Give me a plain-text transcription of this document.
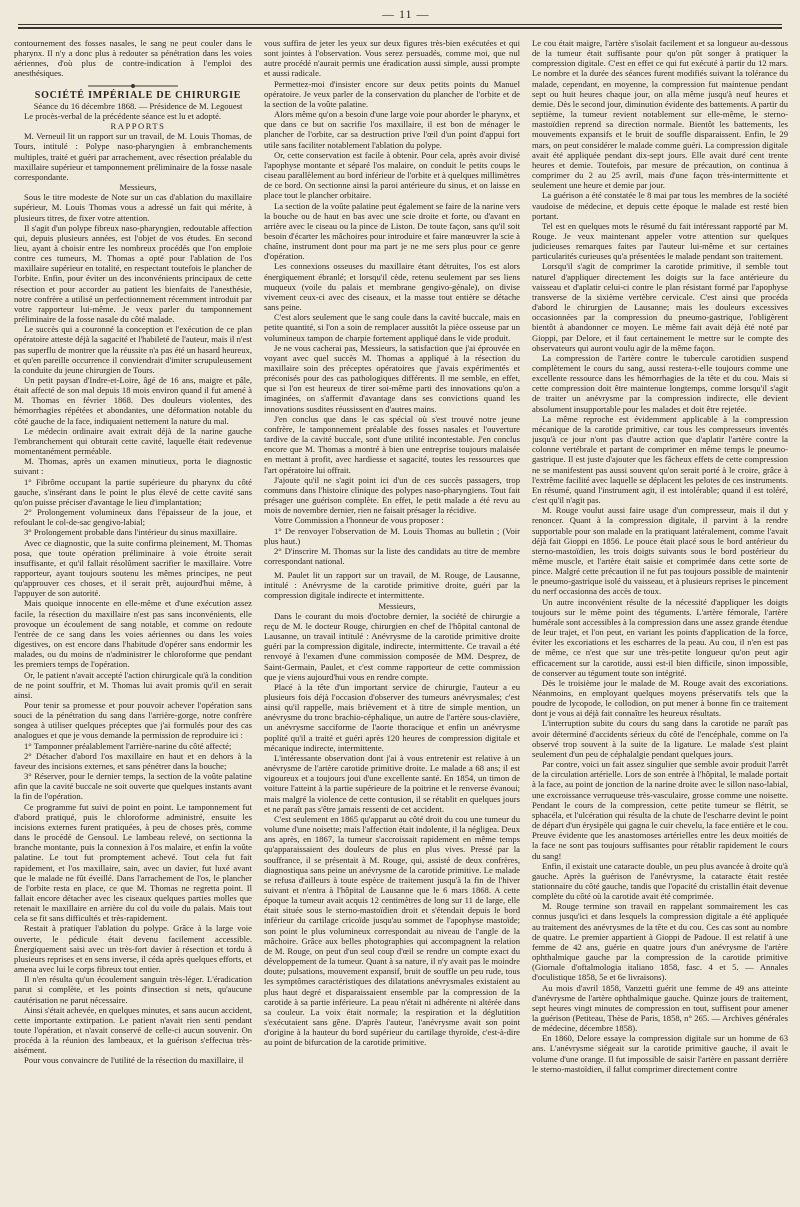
— 11 —

contournement des fosses nasales, le sang ne peut couler dans le pharynx. Il n'y a donc plus à redouter sa pénétration dans les voies aériennes, d'où plus de contre-indication à l'emploi des anesthésiques.

SOCIÉTÉ IMPÉRIALE DE CHIRURGIE

Séance du 16 décembre 1868. — Présidence de M. Legouest

Le procès-verbal de la précédente séance est lu et adopté.

RAPPORTS

M. Verneuil lit un rapport sur un travail, de M. Louis Thomas, de Tours, intitulé : Polype naso-pharyngien à embranchements multiples, traité et guéri par arrachement, avec résection préalable du maxillaire supérieur et tamponnement préliminaire de la fosse nasale correspondante.

Messieurs,

Sous le titre modeste de Note sur un cas d'ablation du maxillaire supérieur, M. Louis Thomas vous a adressé un fait qui mérite, à plusieurs titres, de fixer votre attention.

Il s'agit d'un polype fibreux naso-pharyngien, redoutable affection qui, depuis plusieurs années, est l'objet de vos études. En second lieu, ayant à choisir entre les nombreux procédés que l'on emploie contre ces tumeurs, M. Thomas a opté pour l'ablation de l'os maxillaire supérieur en totalité, en respectant toutefois le plancher de l'orbite. Enfin, pour éviter un des inconvénients principaux de cette résection et pour accorder au patient les bienfaits de l'anesthésie, notre confrère a utilisé un perfectionnement récemment introduit par votre rapporteur lui-même. Je veux parler du tamponnement préliminaire de la fosse nasale du côté malade.

Le succès qui a couronné la conception et l'exécution de ce plan opératoire atteste déjà la sagacité et l'habileté de l'auteur, mais il n'est pas superflu de montrer que la réussite n'a pas été un hasard heureux, et qu'en pareille occurrence il conviendrait d'imiter scrupuleusement la conduite du jeune chirurgien de Tours.

Un petit paysan d'Indre-et-Loire, âgé de 16 ans, maigre et pâle, était affecté de son mal depuis 18 mois environ quand il fut amené à M. Thomas en février 1868. Des douleurs violentes, des hémorrhagies répétées et abondantes, une déformation notable du côté gauche de la face, indiquaient nettement la nature du mal.

Le médecin ordinaire avait extrait déjà de la narine gauche l'embranchement qui obturait cette cavité, laquelle était redevenue momentanément perméable.

M. Thomas, après un examen minutieux, porta le diagnostic suivant :

1° Fibrôme occupant la partie supérieure du pharynx du côté gauche, s'insérant dans le point le plus élevé de cette cavité sans qu'on puisse préciser d'avantage le lieu d'implantation;

2° Prolongement volumineux dans l'épaisseur de la joue, et refoulant le col-de-sac gengivo-labial;

3° Prolongement probable dans l'intérieur du sinus maxillaire.

Avec ce diagnostic, que la suite confirma pleinement, M. Thomas posa, que toute opération préliminaire à voie étroite serait insuffisante, et qu'il fallait résolûment sacrifier le maxillaire. Votre rapporteur, ayant toujours soutenu les mêmes principes, ne peut qu'approuver ces choses, et il serait prêt, aujourd'hui même, à l'appuyer de son autorité.

Mais quoique innocente en elle-même et d'une exécution assez facile, la résection du maxillaire n'est pas sans inconvénients, elle provoque un écoulement de sang notable, et comme on redoute l'entrée de ce sang dans les voies aériennes ou dans les voies digestives, on est encore dans l'habitude d'opérer sans endormir les malades, ou du moins de n'administrer le chloroforme que pendant les premiers temps de l'opération.

Or, le patient n'avait accepté l'action chirurgicale qu'à la condition de ne point souffrir, et M. Thomas lui avait promis qu'il en serait ainsi.

Pour tenir sa promesse et pour pouvoir achever l'opération sans souci de la pénétration du sang dans l'arrière-gorge, notre confrère songea à utiliser quelques préceptes que j'ai formulés pour des cas analogues et que je vous demande la permission de reproduire ici :

1° Tamponner préalablement l'arrière-narine du côté affecté;

2° Détacher d'abord l'os maxillaire en haut et en dehors à la faveur des incisions externes, et sans pénétrer dans la bouche;

3° Réserver, pour le dernier temps, la section de la voûte palatine afin que la cavité buccale ne soit ouverte que quelques instants avant la fin de l'opération.

Ce programme fut suivi de point en point. Le tamponnement fut d'abord pratiqué, puis le chloroforme administré, ensuite les incisions externes furent pratiquées, à peu de choses près, comme dans le procédé de Gensoul. Le lambeau relevé, on sectionna la branche montante, puis la connexion à l'os malaire, et enfin la voûte palatine. Le tout fut promptement achevé. Tout cela fut fait rapidement, et l'os maxillaire, sain, avec un davier, fut luxé avant que le malade ne fût éveillé. Dans l'arrachement de l'os, le plancher de l'orbite resta en place, ce que M. Thomas ne regretta point. Il fallait encore détacher avec les ciseaux quelques parties molles que retenait le maxillaire en arrière du col du voile du palais. Mais tout cela se fit sans difficultés et très-rapidement.

Restait à pratiquer l'ablation du polype. Grâce à la large voie ouverte, le pédicule était devenu facilement accessible. Énergiquement saisi avec un très-fort davier à résection et tordu à plusieurs reprises et en sens inverse, il céda après quelques efforts, et amena avec lui le corps fibreux tout entier.

Il n'en résulta qu'un écoulement sanguin très-léger. L'éradication parut si complète, et les points d'insection si nets, qu'aucune cautérisation ne parut nécessaire.

Ainsi s'était achevée, en quelques minutes, et sans aucun accident, cette importante extirpation. Le patient n'avait rien senti pendant toute l'opération, et n'avait conservé de celle-ci aucun souvenir. On procéda à la réunion des lambeaux, et la guérison s'effectua très-aisément.

Pour vous convaincre de l'utilité de la résection du maxillaire, il

vous suffira de jeter les yeux sur deux figures très-bien exécutées et qui sont jointes à l'observation. Vous serez persuadés, comme moi, que nul autre procédé n'aurait permis une éradication aussi simple, aussi prompte et aussi radicale.

Permettez-moi d'insister encore sur deux petits points du Manuel opératoire. Je veux parler de la conservation du plancher de l'orbite et de la section de la voûte palatine.

Alors même qu'on a besoin d'une large voie pour aborder le pharynx, et que dans ce but on sacrifie l'os maxillaire, il est bon de ménager le plancher de l'orbite, car sa destruction prive l'œil d'un point d'appui fort utile sans faciliter notablement l'ablation du polype.

Or, cette conservation est facile à obtenir. Pour cela, après avoir divisé l'apophyse montante et séparé l'os malaire, on conduit le petits coups le ciseau parallèlement au bord inférieur de l'orbite et à quelques millimètres de ce bord. On sectionne ainsi la paroi antérieure du sinus, et on laisse en place tout le plancher orbitaire.

La section de la voûte palatine peut également se faire de la narine vers la bouche ou de haut en bas avec une scie droite et forte, ou d'avant en arrière avec le ciseau ou la pince de Liston. De toute façon, sans qu'il soit besoin d'écarter les mâchoires pour introduire et faire manœuvrer la scie à chaîne, instrument dont pour ma part je ne me sers plus pour ce genre d'opération.

Les connexions osseuses du maxillaire étant détruites, l'os est alors énergiquement ébranlé; et lorsqu'il cède, retenu seulement par ses liens muqueux (voile du palais et membrane gengivo-génale), on divise vivement ceux-ci avec des ciseaux, et la masse tout entière se détache sans peine.

C'est alors seulement que le sang coule dans la cavité buccale, mais en petite quantité, si l'on a soin de remplacer aussitôt la pièce osseuse par un volumineux tampon de charpie fortement appliqué dans le vide produit.

Je ne vous cacherai pas, Messieurs, la satisfaction que j'ai éprouvée en voyant avec quel succès M. Thomas a appliqué à la résection du maxillaire soin des préceptes opératoires que j'avais expérimentés et préconisés pour des cas pathologiques différents. Il me semble, en effet, que si l'on est heureux de tirer soi-même parti des innovations qu'on a imaginées, on s'affermit d'avantage dans ses convictions quand les innovations susdites réussissent en d'autres mains.

J'en conclus que dans le cas spécial où s'est trouvé notre jeune confrère, le tamponnement préalable des fosses nasales et l'ouverture tardive de la cavité buccale, sont d'une utilité incontestable. J'en conclus encore que M. Thomas a montré à bien une entreprise toujours malaisée en mettant à profit, avec hardiesse et sagacité, toutes les ressources que l'art opératoire lui offrait.

J'ajoute qu'il ne s'agit point ici d'un de ces succès passagers, trop communs dans l'histoire clinique des polypes naso-pharyngiens. Tout fait présager une guérison complète. En effet, le petit malade a été revu au mois de novembre dernier, rien ne faisait présager la récidive.

Votre Commission a l'honneur de vous proposer :

1° De renvoyer l'observation de M. Louis Thomas au bulletin ; (Voir plus haut.)

2° D'inscrire M. Thomas sur la liste des candidats au titre de membre correspondant national.

M. Paulet lit un rapport sur un travail, de M. Rouge, de Lausanne, intitulé : Anévrysme de la carotide primitive droite, guéri par la compression digitale indirecte et intermittente.

Messieurs,

Dans le courant du mois d'octobre dernier, la société de chirurgie a reçu de M. le docteur Rouge, chirurgien en chef de l'hôpital cantonal de Lausanne, un travail intitulé : Anévrysme de la carotide primitive droite guéri par la compression digitale, indirecte, intermittente. Ce travail a été renvoyé à l'examen d'une commission composée de MM. Desprez, de Saint-Germain, Paulet, et c'est comme rapporteur de cette commission que je viens aujourd'hui vous en rendre compte.

Placé à la tête d'un important service de chirurgie, l'auteur a eu plusieurs fois déjà l'occasion d'observer des tumeurs anévrysmales; c'est ainsi qu'il rappelle, mais brièvement et à titre de simple mention, un anévrysme du tronc brachio-céphalique, un autre de l'artère sous-clavière, un anévrysme sacciforme de l'aorte thoracique et enfin un anévrysme poplité qu'il a traité et guéri après 120 heures de compression digitale et mécanique indirecte, intermittente.

L'intéressante observation dont j'ai à vous entretenir est relative à un anévrysme de l'artère carotide primitive droite. Le malade a 68 ans; il est vigoureux et a toujours joui d'une excellente santé. En 1854, un timon de voiture l'atteint à la partie supérieure de la poitrine et le renverse évanoui; mais malgré la violence de cette contusion, il se rétablit en quelques jours et ne paraît pas s'être jamais ressenti de cet accident.

C'est seulement en 1865 qu'apparut au côté droit du cou une tumeur du volume d'une noisette; mais l'affection était indolente, il la négligea. Deux ans après, en 1867, la tumeur s'accroissait rapidement en même temps qu'apparaissaient des douleurs de plus en plus vives. Pressé par la souffrance, il se présentait à M. Rouge, qui, assisté de deux confrères, diagnostiqua sans peine un anévrysme de la carotide primitive. Le malade se refusa d'ailleurs à toute espèce de traitement jusqu'à la fin de l'hiver suivant et n'entra à l'hôpital de Lausanne que le 6 mars 1868. A cette époque la tumeur avait acquis 12 centimètres de long sur 11 de large, elle était située sous le sterno-mastoïdien droit et s'étendait depuis le bord inférieur du cartilage cricoïde jusqu'au sommet de l'apophyse mastoïde; son point le plus volumineux correspondait au niveau de l'angle de la mâchoire. Grâce aux belles photographies qui accompagnent la relation de M. Rouge, on peut d'un seul coup d'œil se rendre un compte exact du développement de la tumeur. Quant à sa nature, il n'y avait pas le moindre doute; pulsations, mouvement expansif, bruit de souffle un peu rude, tous les symptômes caractéristiques des dilatations anévrysmales existaient au plus haut degré et disparaissaient ensemble par la compression de la carotide à sa partie inférieure. La peau n'était ni adhérente ni altérée dans sa couleur. La voix était normale; la respiration et la déglutition s'exécutaient sans gêne. D'après l'auteur, l'anévrysme avait son point d'origine à la hauteur du bord supérieur du cartilage thyroïde, c'est-à-dire au point de bifurcation de la carotide primitive.

Le cou était maigre, l'artère s'isolait facilement et sa longueur au-dessous de la tumeur était suffisante pour qu'on pût songer à pratiquer la compression digitale. C'est en effet ce qui fut exécuté à partir du 12 mars. Le nombre et la durée des séances furent modifiés suivant la tolérance du malade, cependant, en moyenne, la compression fut maintenue pendant sept ou huit heures chaque jour, on alla même jusqu'à neuf heures et demie. Dès le second jour, diminution évidente des battements. A partir du septième, la tumeur revient notablement sur elle-même, le sterno-mastoïdien reprend sa direction normale. Bientôt les battements, les mouvements expansifs et le bruit de souffle disparaissent. Enfin, le 29 mars, on peut considérer le malade comme guéri. La compression digitale avait été appliquée pendant dix-sept jours. Elle avait duré cent trente heures et demie. Toutefois, par mesure de précaution, on continua à comprimer du 2 au 25 avril, mais d'une façon très-intermittente et seulement une heure et demie par jour.

La guérison a été constatée le 8 mai par tous les membres de la société vaudoise de médecine, et depuis cette époque le malade est resté bien portant.

Tel est en quelques mots le résumé du fait intéressant rapporté par M. Rouge. Je veux maintenant appeler votre attention sur quelques judicieuses remarques faites par l'auteur lui-même et sur certaines particularités curieuses qu'a présentées le malade pendant son traitement.

Lorsqu'il s'agit de comprimer la carotide primitive, il semble tout naturel d'appliquer directement les doigts sur la face antérieure du vaisseau et d'aplatir celui-ci contre le plan résistant formé par l'apophyse transverse de la sixième vertèbre cervicale. C'est ainsi que procéda d'abord le chirurgien de Lausanne; mais les douleurs excessives occasionnées par la compression du pneumo-gastrique, l'obligèrent bientôt à abandonner ce moyen. Le même fait avait déjà été noté par Gioppi, par Delore, et il faut certainement le mettre sur le compte des observateurs qui auront voulu agir de la même façon.

La compression de l'artère contre le tubercule carotidien suspend complètement le cours du sang, aussi restera-t-elle toujours comme une excellente ressource dans les hémorrhagies de la tête et du cou. Mais si cette compression doit être maintenue longtemps, comme lorsqu'il s'agit de traiter un anévrysme par la compression indirecte, elle devient absolument insupportable pour les malades et doit être rejetée.

La même reproche est évidemment applicable à la compression mécanique de la carotide primitive, car tous les compresseurs inventés jusqu'à ce jour n'ont pas d'autre action que d'aplatir l'artère contre la colonne vertébrale et partant de comprimer en même temps le pneumo-gastrique. Il est juste d'ajouter que les fâcheux effets de cette compression ne se manifestent pas aussi souvent qu'on serait porté à le croire, grâce à l'extrême facilité avec laquelle se déplacent les pelotes de ces instruments. En résumé, quand l'instrument agit, il est intolérable; quand il est toléré, c'est qu'il n'agit pas.

M. Rouge voulut aussi faire usage d'un compresseur, mais il dut y renoncer. Quant à la compression digitale, il parvint à la rendre supportable pour son malade en la pratiquant latéralement, comme l'avait déjà fait Gioppi en 1856. Le pouce était placé sous le bord antérieur du sterno-mastoïdien, les trois doigts suivants sous le bord postérieur du même muscle, et l'artère était saisie et comprimée dans cette sorte de pince. Malgré cette précaution il ne fut pas toujours possible de maintenir le pneumo-gastrique isolé du vaisseau, et à plusieurs reprises le pincement du nerf occasionna des accès de toux.

Un autre inconvénient résulte de la nécessité d'appliquer les doigts toujours sur le même point des téguments. L'artère fémorale, l'artère humérale sont accessibles à la compression dans une assez grande étendue de leur trajet, et l'on peut, en variant les points d'application de la force, éviter les excoriations et les escharres de la peau. Au cou, il n'en est pas de même, ce n'est que sur une très-petite longueur qu'on peut agir efficacement sur la carotide, aussi est-il bien difficile, sinon impossible, de conserver au tégument toute son intégrité.

Dès le troisième jour le malade de M. Rouge avait des excoriations. Néanmoins, en employant quelques moyens préservatifs tels que la poudre de lycopode, le collodion, on put mener à bonne fin ce traitement dont je vous ai déjà fait connaître les heureux résultats.

L'interruption subite du cours du sang dans la carotide ne paraît pas avoir déterminé d'accidents sérieux du côté de l'encéphale, comme on l'a observé trop souvent à la suite de la ligature. Le malade s'est plaint seulement d'un peu de céphalalgie pendant quelques jours.

Par contre, voici un fait assez singulier que semble avoir produit l'arrêt de la circulation artérielle. Lors de son entrée à l'hôpital, le malade portait à la face, au point de jonction de la narine droite avec le sillon naso-labial, une excroissance verruqueuse très-vasculaire, grosse comme une noisette. Pendant le cours de la compression, cette petite tumeur se flétrit, se sphacéla, et l'ulcération qui résulta de la chute de l'escharre devint le point de départ d'un érysipèle qui gagna le cuir chevelu, la face entière et le cou. Preuve évidente que les anastomoses artérielles entre les deux moitiés de la face ne sont pas toujours suffisantes pour rétablir rapidement le cours du sang!

Enfin, il existait une cataracte double, un peu plus avancée à droite qu'à gauche. Après la guérison de l'anévrysme, la cataracte était restée stationnaire du côté gauche, tandis que l'opacité du cristallin était devenue complète du côté où la carotide avait été comprimée.

M. Rouge termine son travail en rappelant sommairement les cas connus jusqu'ici et dans lesquels la compression digitale a été appliquée au traitement des anévrysmes de la tête et du cou. Ces cas sont au nombre de quatre. Le premier appartient à Gioppi de Padoue. Il est relatif à une femme de 42 ans, guérie en quatre jours d'un anévrysme de l'artère ophthalmique gauche par la compression de la carotide primitive (Giornale d'oftalmologia italiano 1858, fasc. 4 et 5. — Annales d'oculistique 1858, 5e et 6e livraisons).

Au mois d'avril 1858, Vanzetti guérit une femme de 49 ans atteinte d'anévrysme de l'artère ophthalmique gauche. Quinze jours de traitement, sept heures vingt minutes de compression en tout, suffisent pour amener la guérison (Petiteau, Thèse de Paris, 1858, n° 265. — Archives générales de médecine, décembre 1858).

En 1860, Delore essaye la compression digitale sur un homme de 63 ans. L'anévrysme siégeait sur la carotide primitive gauche, il avait le volume d'une orange. Il fut impossible de saisir l'artère en passant derrière le sterno-mastoïdien, il fallut comprimer directement contre
